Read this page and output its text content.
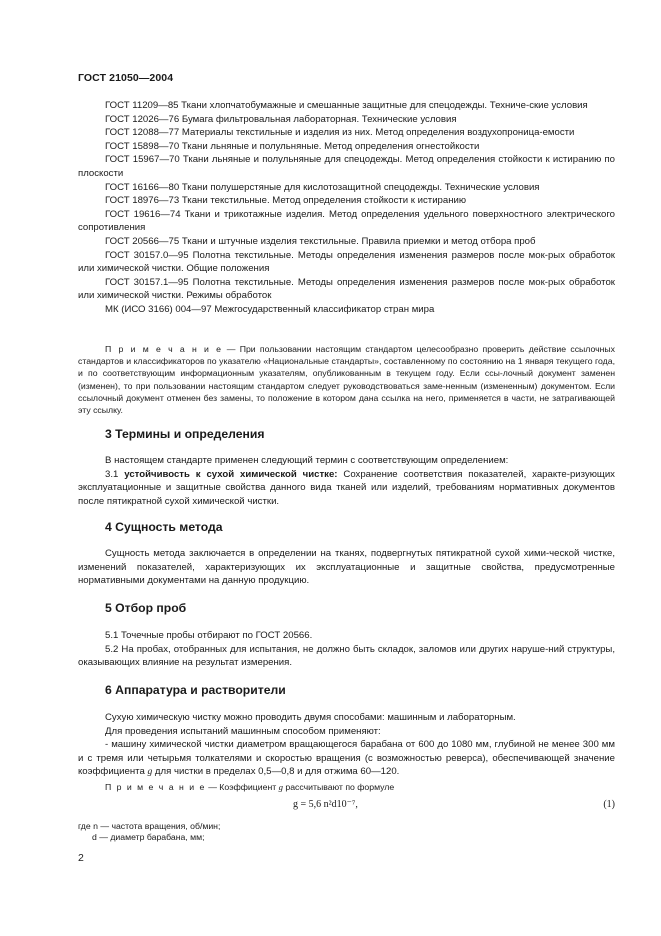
ГОСТ 21050—2004

ГОСТ 11209—85 Ткани хлопчатобумажные и смешанные защитные для спецодежды. Техниче-ские условия

ГОСТ 12026—76 Бумага фильтровальная лабораторная. Технические условия

ГОСТ 12088—77 Материалы текстильные и изделия из них. Метод определения воздухопроница-емости

ГОСТ 15898—70 Ткани льняные и полульняные. Метод определения огнестойкости

ГОСТ 15967—70 Ткани льняные и полульняные для спецодежды. Метод определения стойкости к истиранию по плоскости

ГОСТ 16166—80 Ткани полушерстяные для кислотозащитной спецодежды. Технические условия

ГОСТ 18976—73 Ткани текстильные. Метод определения стойкости к истиранию

ГОСТ 19616—74 Ткани и трикотажные изделия. Метод определения удельного поверхностного электрического сопротивления

ГОСТ 20566—75 Ткани и штучные изделия текстильные. Правила приемки и метод отбора проб

ГОСТ 30157.0—95 Полотна текстильные. Методы определения изменения размеров после мок-рых обработок или химической чистки. Общие положения

ГОСТ 30157.1—95 Полотна текстильные. Методы определения изменения размеров после мок-рых обработок или химической чистки. Режимы обработок

МК (ИСО 3166) 004—97 Межгосударственный классификатор стран мира

П р и м е ч а н и е — При пользовании настоящим стандартом целесообразно проверить действие ссылочных стандартов и классификаторов по указателю «Национальные стандарты», составленному по состоянию на 1 января текущего года, и по соответствующим информационным указателям, опубликованным в текущем году. Если ссы-лочный документ заменен (изменен), то при пользовании настоящим стандартом следует руководствоваться заме-ненным (измененным) документом. Если ссылочный документ отменен без замены, то положение в котором дана ссылка на него, применяется в части, не затрагивающей эту ссылку.

3 Термины и определения

В настоящем стандарте применен следующий термин с соответствующим определением:

3.1 устойчивость к сухой химической чистке: Сохранение соответствия показателей, характе-ризующих эксплуатационные и защитные свойства данного вида тканей или изделий, требованиям нормативных документов после пятикратной сухой химической чистки.

4 Сущность метода

Сущность метода заключается в определении на тканях, подвергнутых пятикратной сухой хими-ческой чистке, изменений показателей, характеризующих их эксплуатационные и защитные свойства, предусмотренные нормативными документами на данную продукцию.

5 Отбор проб

5.1 Точечные пробы отбирают по ГОСТ 20566.

5.2 На пробах, отобранных для испытания, не должно быть складок, заломов или других наруше-ний структуры, оказывающих влияние на результат измерения.

6 Аппаратура и растворители

Сухую химическую чистку можно проводить двумя способами: машинным и лабораторным.

Для проведения испытаний машинным способом применяют:

- машину химической чистки диаметром вращающегося барабана от 600 до 1080 мм, глубиной не менее 300 мм и с тремя или четырьмя толкателями и скоростью вращения (с возможностью реверса), обеспечивающей значение коэффициента g для чистки в пределах 0,5—0,8 и для отжима 60—120.

П р и м е ч а н и е — Коэффициент g рассчитывают по формуле

g = 5,6 n²d10⁻⁷,	(1)

где n — частота вращения, об/мин;

d — диаметр барабана, мм;

2
